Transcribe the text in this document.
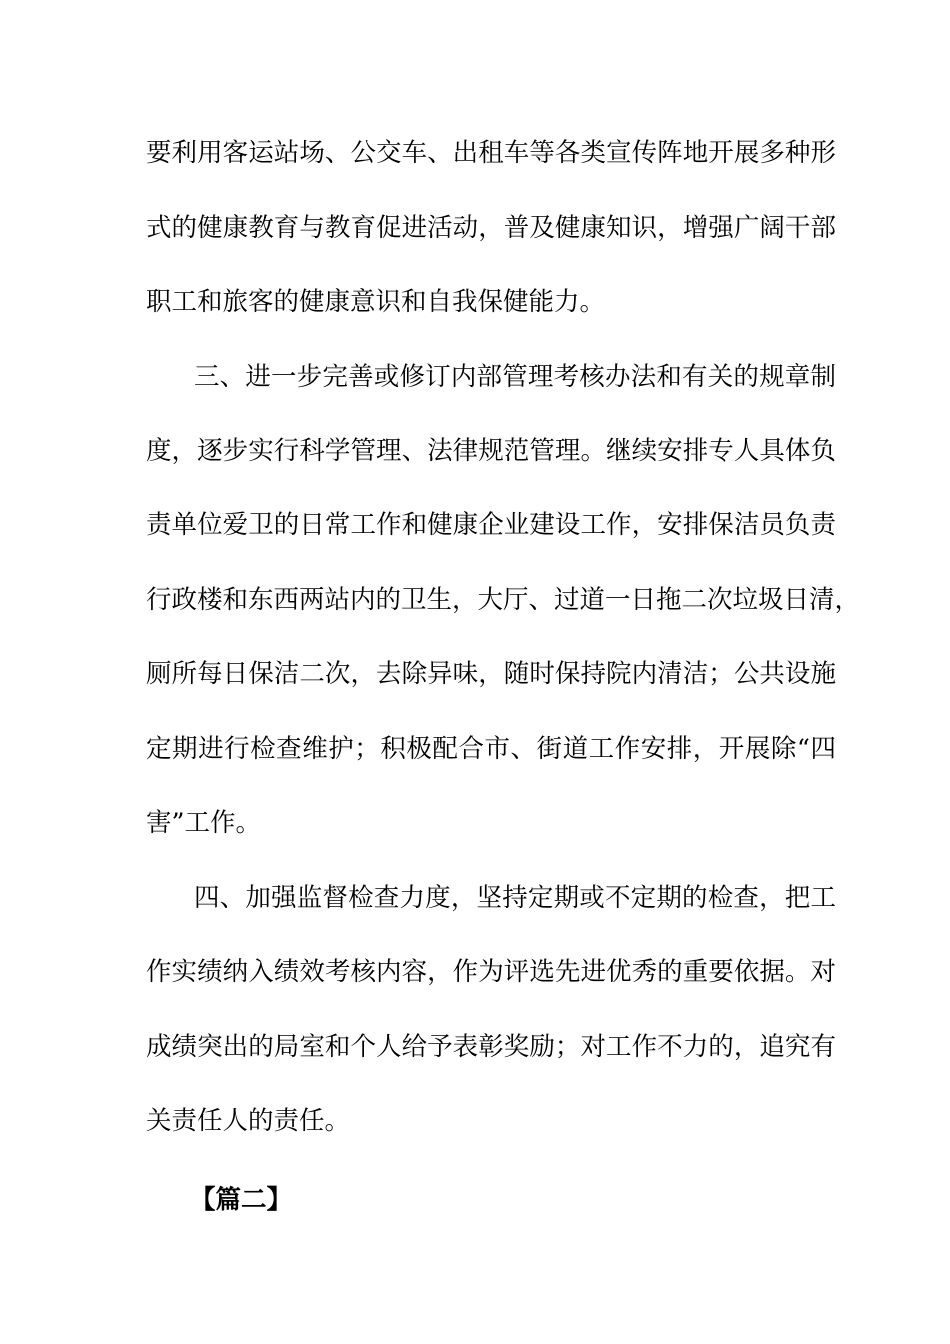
要利用客运站场、公交车、出租车等各类宣传阵地开展多种形
式的健康教育与教育促进活动，普及健康知识，增强广阔干部
职工和旅客的健康意识和自我保健能力。
三、进一步完善或修订内部管理考核办法和有关的规章制
度，逐步实行科学管理、法律规范管理。继续安排专人具体负
责单位爱卫的日常工作和健康企业建设工作，安排保洁员负责
行政楼和东西两站内的卫生，大厅、过道一日拖二次垃圾日清，
厕所每日保洁二次，去除异味，随时保持院内清洁；公共设施
定期进行检查维护；积极配合市、街道工作安排，开展除“四
害”工作。
四、加强监督检查力度，坚持定期或不定期的检查，把工
作实绩纳入绩效考核内容，作为评选先进优秀的重要依据。对
成绩突出的局室和个人给予表彰奖励；对工作不力的，追究有
关责任人的责任。
【篇二】
